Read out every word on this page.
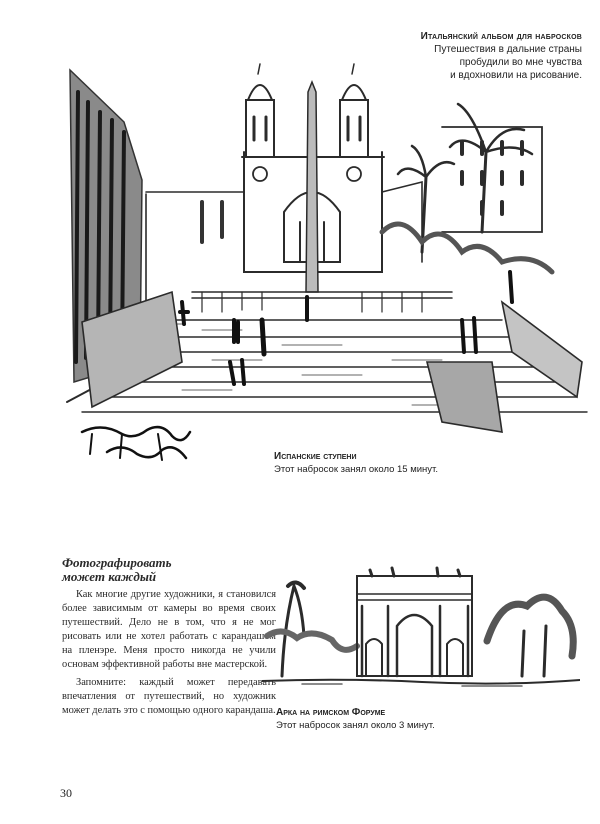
Итальянский альбом для набросков
Путешествия в дальние страны
пробудили во мне чувства
и вдохновили на рисование.
Испанские ступени
Этот набросок занял около 15 минут.
Фотографировать
может каждый

Как многие другие художники, я становился более зависимым от камеры во время своих путешествий. Дело не в том, что я не мог рисовать или не хотел работать с карандашом на пленэре. Меня просто никогда не учили основам эффективной работы вне мастерской.

Запомните: каждый может передавать впечатления от путешествий, но художник может делать это с помощью одного карандаша. Арка на римском Форуме
Этот набросок занял около 3 минут.
30
